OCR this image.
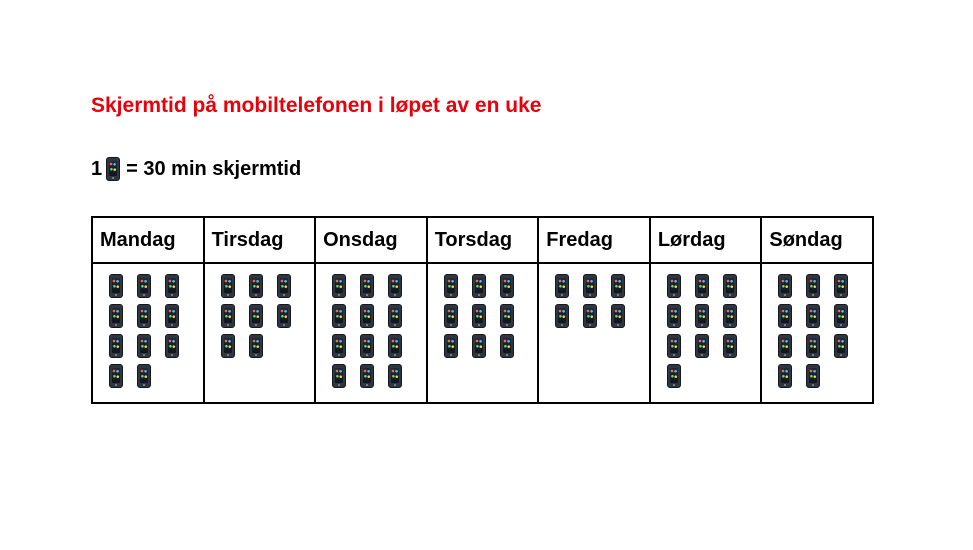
Skjermtid på mobiltelefonen i løpet av en uke
1 = 30 min skjermtid
Mandag	Tirsdag	Onsdag	Torsdag	Fredag	Lørdag	Søndag
